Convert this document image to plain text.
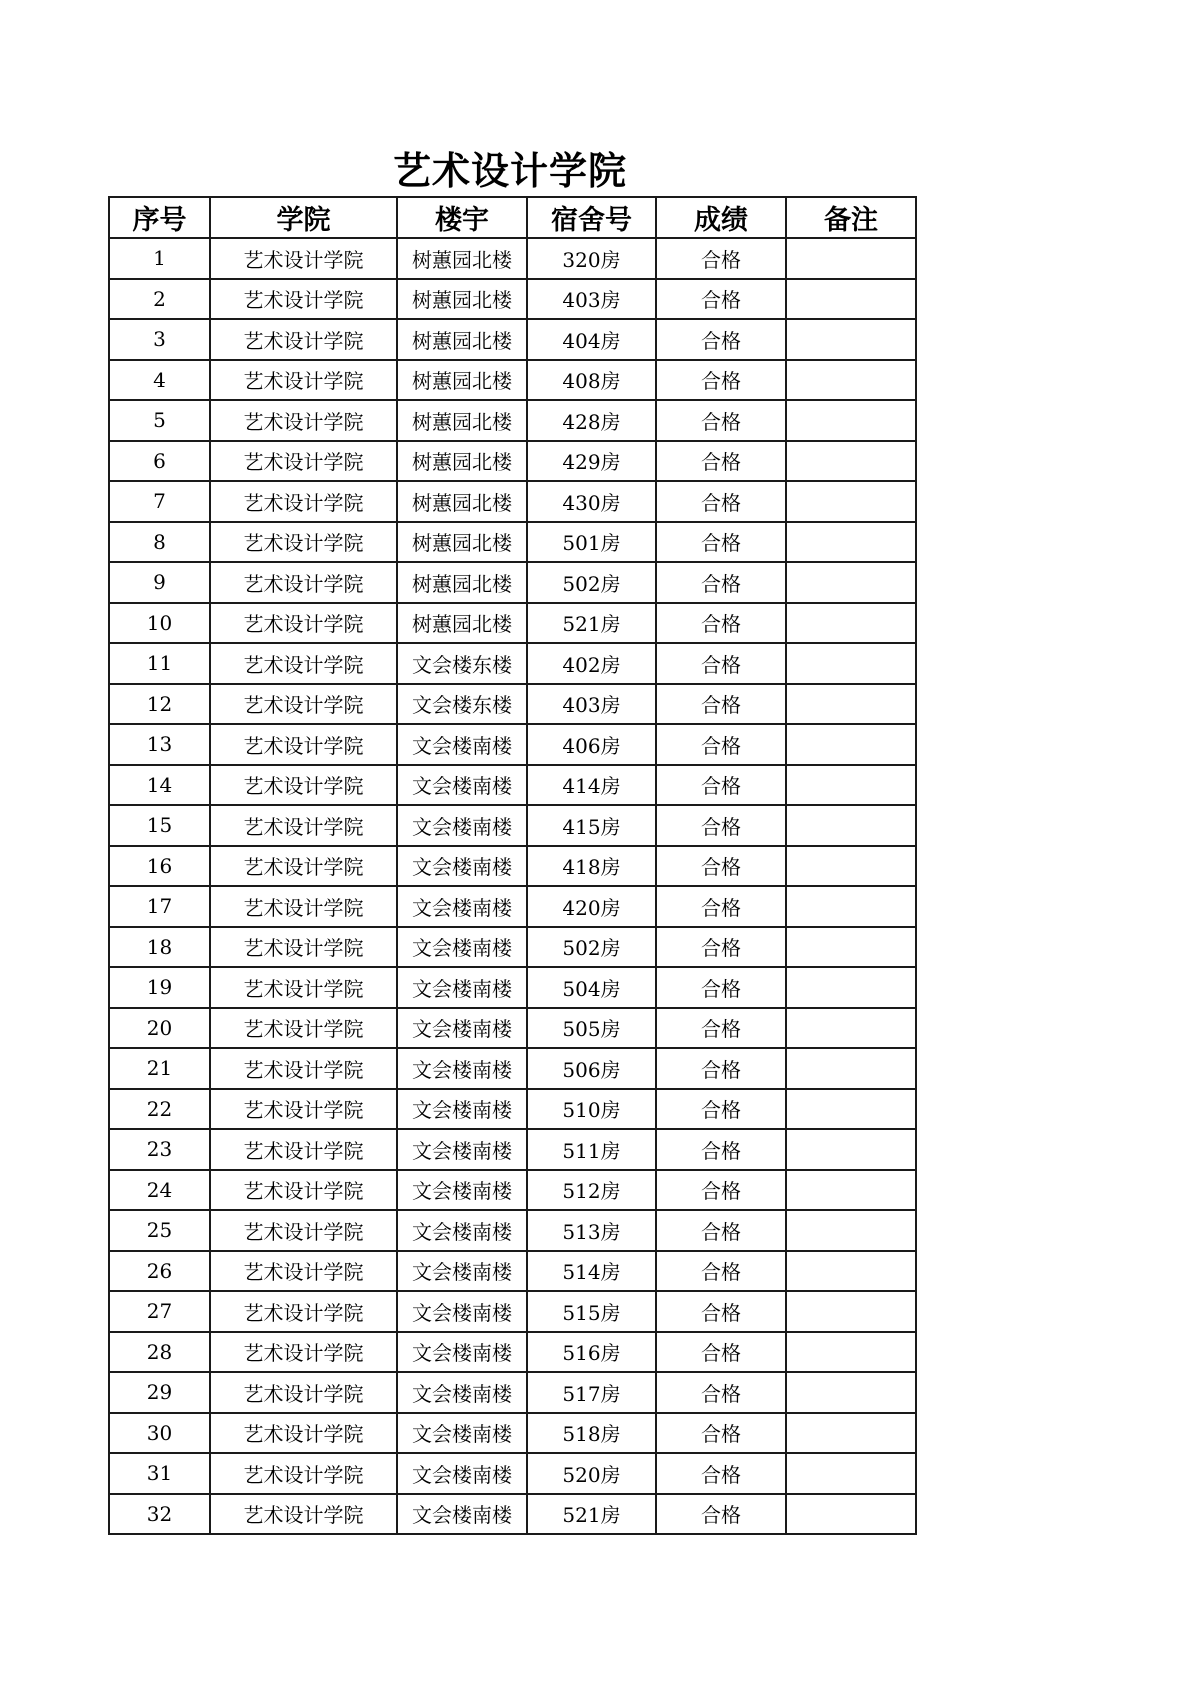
艺术设计学院
序号	学院	楼宇	宿舍号	成绩	备注
1	艺术设计学院	树蕙园北楼	320房	合格	
2	艺术设计学院	树蕙园北楼	403房	合格	
3	艺术设计学院	树蕙园北楼	404房	合格	
4	艺术设计学院	树蕙园北楼	408房	合格	
5	艺术设计学院	树蕙园北楼	428房	合格	
6	艺术设计学院	树蕙园北楼	429房	合格	
7	艺术设计学院	树蕙园北楼	430房	合格	
8	艺术设计学院	树蕙园北楼	501房	合格	
9	艺术设计学院	树蕙园北楼	502房	合格	
10	艺术设计学院	树蕙园北楼	521房	合格	
11	艺术设计学院	文会楼东楼	402房	合格	
12	艺术设计学院	文会楼东楼	403房	合格	
13	艺术设计学院	文会楼南楼	406房	合格	
14	艺术设计学院	文会楼南楼	414房	合格	
15	艺术设计学院	文会楼南楼	415房	合格	
16	艺术设计学院	文会楼南楼	418房	合格	
17	艺术设计学院	文会楼南楼	420房	合格	
18	艺术设计学院	文会楼南楼	502房	合格	
19	艺术设计学院	文会楼南楼	504房	合格	
20	艺术设计学院	文会楼南楼	505房	合格	
21	艺术设计学院	文会楼南楼	506房	合格	
22	艺术设计学院	文会楼南楼	510房	合格	
23	艺术设计学院	文会楼南楼	511房	合格	
24	艺术设计学院	文会楼南楼	512房	合格	
25	艺术设计学院	文会楼南楼	513房	合格	
26	艺术设计学院	文会楼南楼	514房	合格	
27	艺术设计学院	文会楼南楼	515房	合格	
28	艺术设计学院	文会楼南楼	516房	合格	
29	艺术设计学院	文会楼南楼	517房	合格	
30	艺术设计学院	文会楼南楼	518房	合格	
31	艺术设计学院	文会楼南楼	520房	合格	
32	艺术设计学院	文会楼南楼	521房	合格	
